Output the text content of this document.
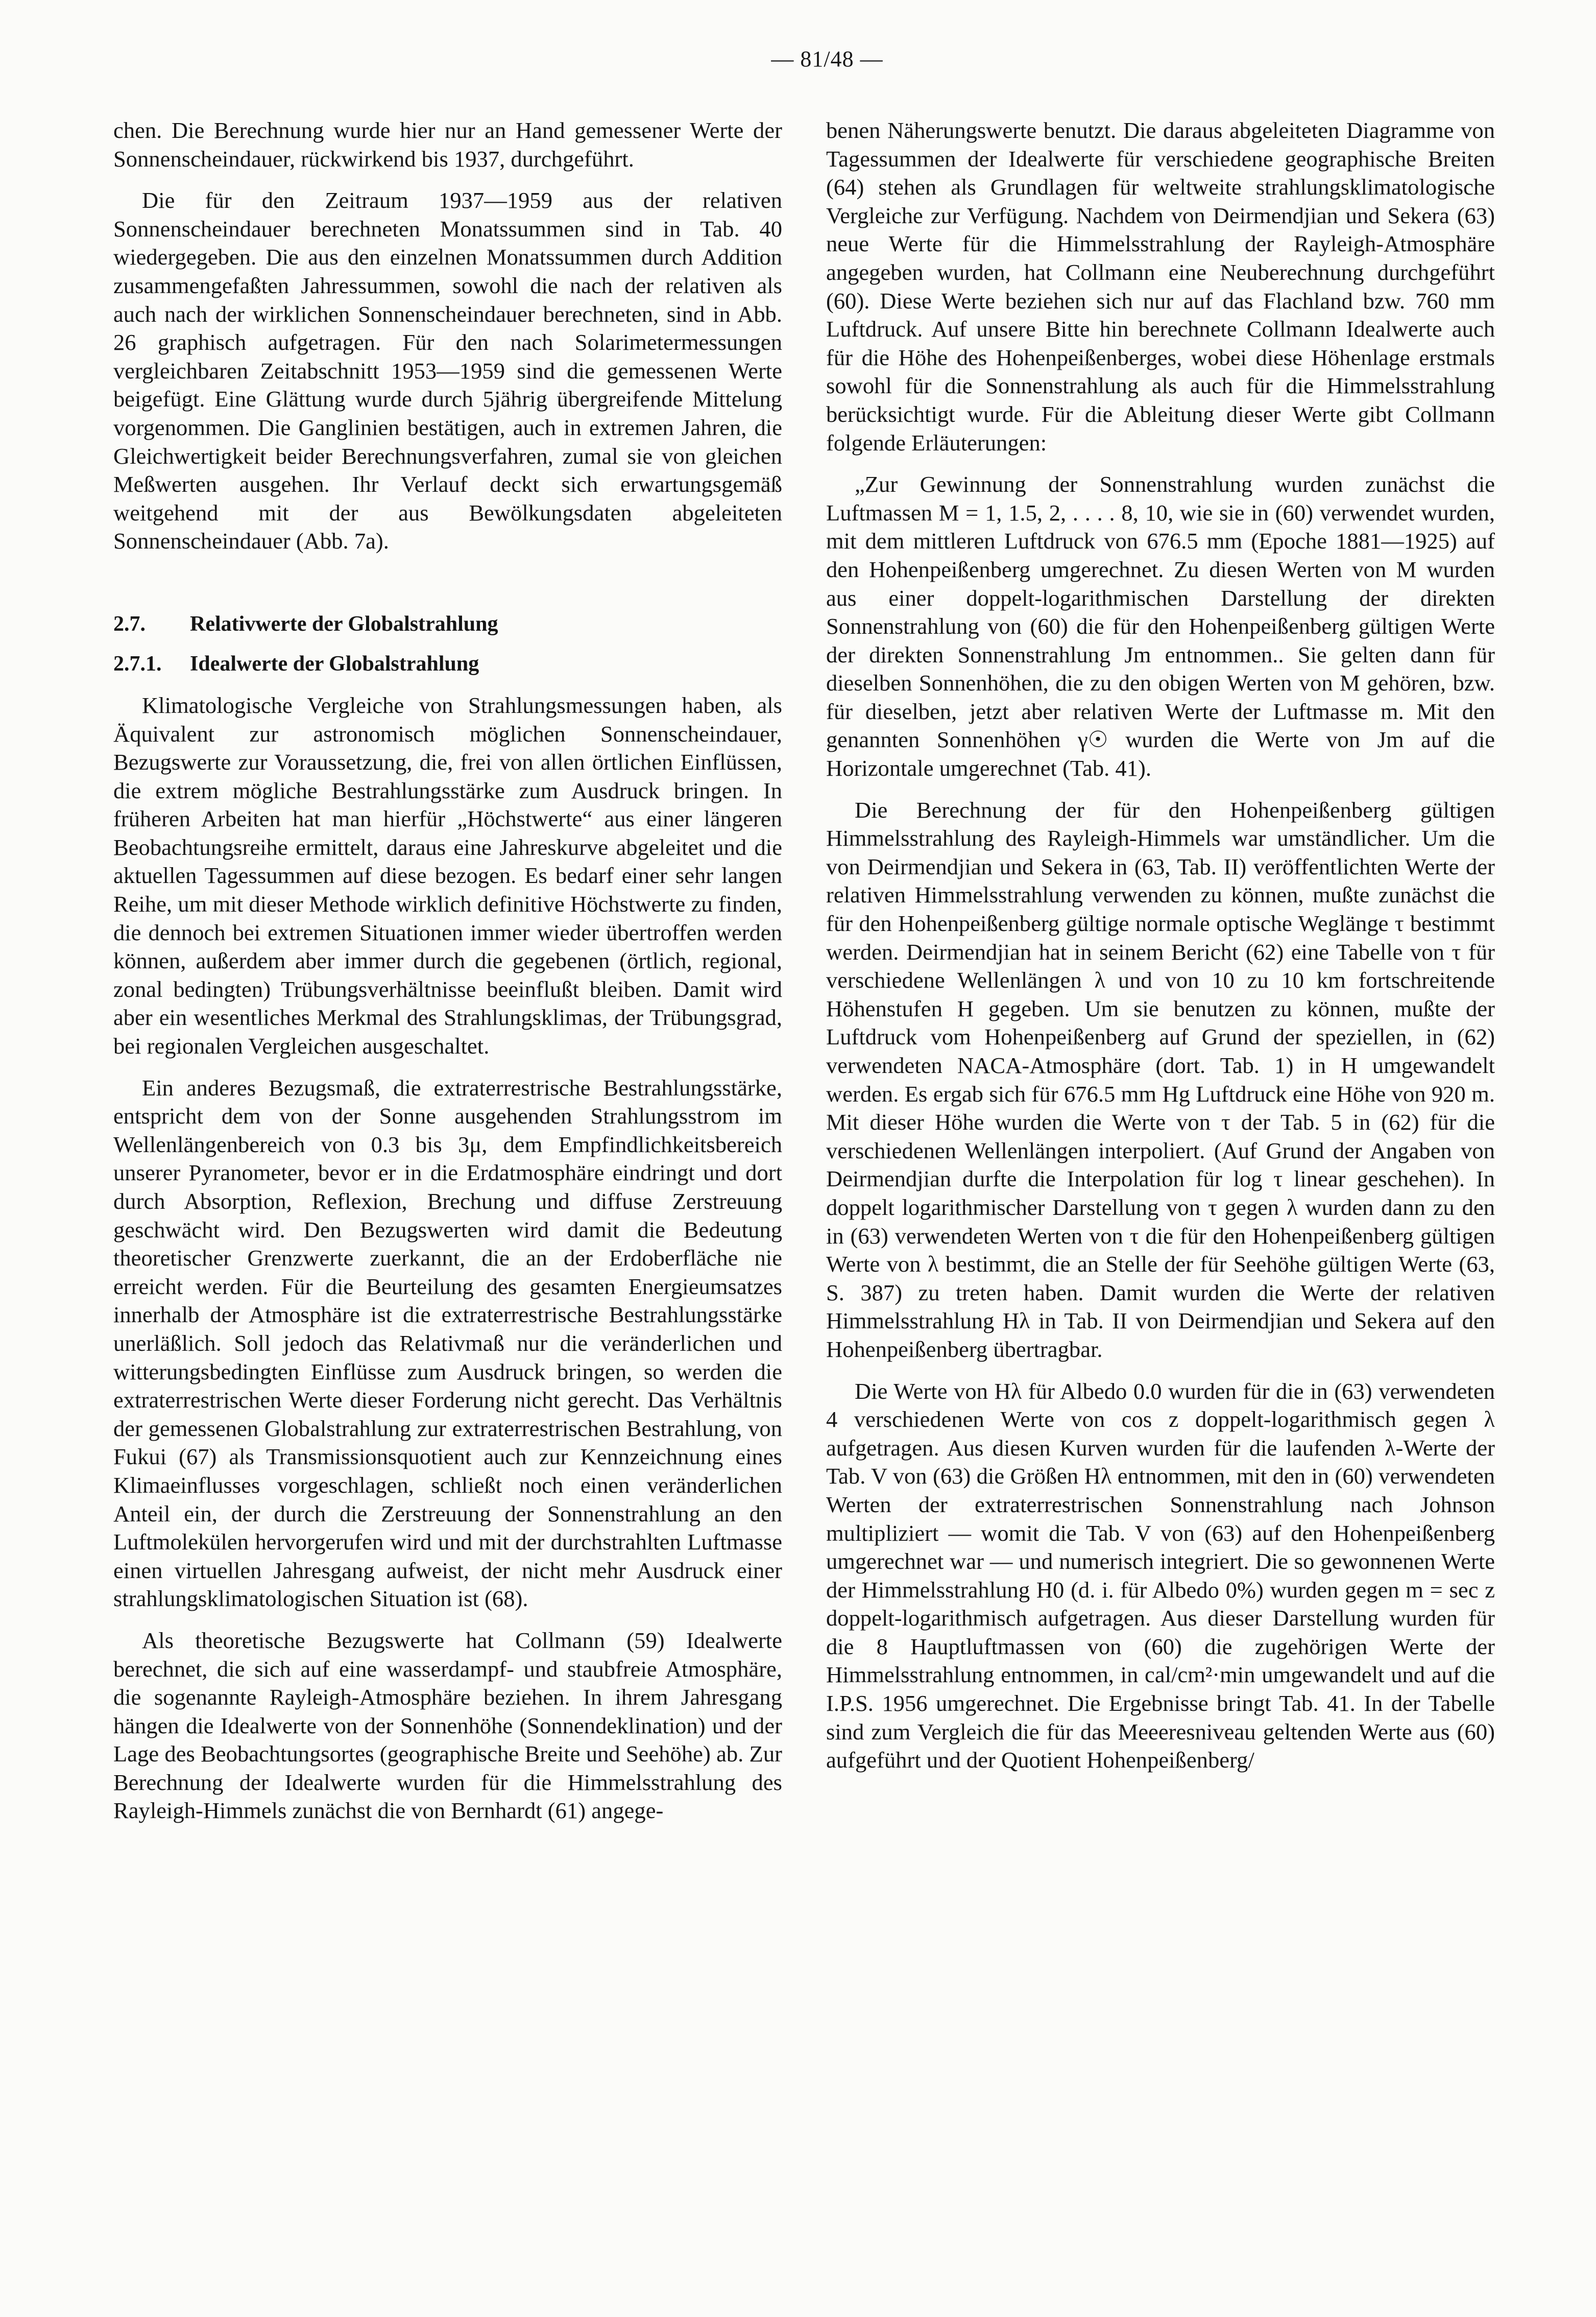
— 81/48 —

chen. Die Berechnung wurde hier nur an Hand gemessener Werte der Sonnenscheindauer, rückwirkend bis 1937, durchgeführt.

Die für den Zeitraum 1937—1959 aus der relativen Sonnenscheindauer berechneten Monatssummen sind in Tab. 40 wiedergegeben. Die aus den einzelnen Monatssummen durch Addition zusammengefaßten Jahressummen, sowohl die nach der relativen als auch nach der wirklichen Sonnenscheindauer berechneten, sind in Abb. 26 graphisch aufgetragen. Für den nach Solarimetermessungen vergleichbaren Zeitabschnitt 1953—1959 sind die gemessenen Werte beigefügt. Eine Glättung wurde durch 5jährig übergreifende Mittelung vorgenommen. Die Ganglinien bestätigen, auch in extremen Jahren, die Gleichwertigkeit beider Berechnungsverfahren, zumal sie von gleichen Meßwerten ausgehen. Ihr Verlauf deckt sich erwartungsgemäß weitgehend mit der aus Bewölkungsdaten abgeleiteten Sonnenscheindauer (Abb. 7a).

2.7. Relativwerte der Globalstrahlung
2.7.1. Idealwerte der Globalstrahlung

Klimatologische Vergleiche von Strahlungsmessungen haben, als Äquivalent zur astronomisch möglichen Sonnenscheindauer, Bezugswerte zur Voraussetzung, die, frei von allen örtlichen Einflüssen, die extrem mögliche Bestrahlungsstärke zum Ausdruck bringen. In früheren Arbeiten hat man hierfür „Höchstwerte“ aus einer längeren Beobachtungsreihe ermittelt, daraus eine Jahreskurve abgeleitet und die aktuellen Tagessummen auf diese bezogen. Es bedarf einer sehr langen Reihe, um mit dieser Methode wirklich definitive Höchstwerte zu finden, die dennoch bei extremen Situationen immer wieder übertroffen werden können, außerdem aber immer durch die gegebenen (örtlich, regional, zonal bedingten) Trübungsverhältnisse beeinflußt bleiben. Damit wird aber ein wesentliches Merkmal des Strahlungsklimas, der Trübungsgrad, bei regionalen Vergleichen ausgeschaltet.

Ein anderes Bezugsmaß, die extraterrestrische Bestrahlungsstärke, entspricht dem von der Sonne ausgehenden Strahlungsstrom im Wellenlängenbereich von 0.3 bis 3μ, dem Empfindlichkeitsbereich unserer Pyranometer, bevor er in die Erdatmosphäre eindringt und dort durch Absorption, Reflexion, Brechung und diffuse Zerstreuung geschwächt wird. Den Bezugswerten wird damit die Bedeutung theoretischer Grenzwerte zuerkannt, die an der Erdoberfläche nie erreicht werden. Für die Beurteilung des gesamten Energieumsatzes innerhalb der Atmosphäre ist die extraterrestrische Bestrahlungsstärke unerläßlich. Soll jedoch das Relativmaß nur die veränderlichen und witterungsbedingten Einflüsse zum Ausdruck bringen, so werden die extraterrestrischen Werte dieser Forderung nicht gerecht. Das Verhältnis der gemessenen Globalstrahlung zur extraterrestrischen Bestrahlung, von Fukui (67) als Transmissionsquotient auch zur Kennzeichnung eines Klimaeinflusses vorgeschlagen, schließt noch einen veränderlichen Anteil ein, der durch die Zerstreuung der Sonnenstrahlung an den Luftmolekülen hervorgerufen wird und mit der durchstrahlten Luftmasse einen virtuellen Jahresgang aufweist, der nicht mehr Ausdruck einer strahlungsklimatologischen Situation ist (68).

Als theoretische Bezugswerte hat Collmann (59) Idealwerte berechnet, die sich auf eine wasserdampf- und staubfreie Atmosphäre, die sogenannte Rayleigh-Atmosphäre beziehen. In ihrem Jahresgang hängen die Idealwerte von der Sonnenhöhe (Sonnendeklination) und der Lage des Beobachtungsortes (geographische Breite und Seehöhe) ab. Zur Berechnung der Idealwerte wurden für die Himmelsstrahlung des Rayleigh-Himmels zunächst die von Bernhardt (61) angege-

benen Näherungswerte benutzt. Die daraus abgeleiteten Diagramme von Tagessummen der Idealwerte für verschiedene geographische Breiten (64) stehen als Grundlagen für weltweite strahlungsklimatologische Vergleiche zur Verfügung. Nachdem von Deirmendjian und Sekera (63) neue Werte für die Himmelsstrahlung der Rayleigh-Atmosphäre angegeben wurden, hat Collmann eine Neuberechnung durchgeführt (60). Diese Werte beziehen sich nur auf das Flachland bzw. 760 mm Luftdruck. Auf unsere Bitte hin berechnete Collmann Idealwerte auch für die Höhe des Hohenpeißenberges, wobei diese Höhenlage erstmals sowohl für die Sonnenstrahlung als auch für die Himmelsstrahlung berücksichtigt wurde. Für die Ableitung dieser Werte gibt Collmann folgende Erläuterungen:

„Zur Gewinnung der Sonnenstrahlung wurden zunächst die Luftmassen M = 1, 1.5, 2, . . . . 8, 10, wie sie in (60) verwendet wurden, mit dem mittleren Luftdruck von 676.5 mm (Epoche 1881—1925) auf den Hohenpeißenberg umgerechnet. Zu diesen Werten von M wurden aus einer doppelt-logarithmischen Darstellung der direkten Sonnenstrahlung von (60) die für den Hohenpeißenberg gültigen Werte der direkten Sonnenstrahlung Jm entnommen.. Sie gelten dann für dieselben Sonnenhöhen, die zu den obigen Werten von M gehören, bzw. für dieselben, jetzt aber relativen Werte der Luftmasse m. Mit den genannten Sonnenhöhen γ☉ wurden die Werte von Jm auf die Horizontale umgerechnet (Tab. 41).

Die Berechnung der für den Hohenpeißenberg gültigen Himmelsstrahlung des Rayleigh-Himmels war umständlicher. Um die von Deirmendjian und Sekera in (63, Tab. II) veröffentlichten Werte der relativen Himmelsstrahlung verwenden zu können, mußte zunächst die für den Hohenpeißenberg gültige normale optische Weglänge τ bestimmt werden. Deirmendjian hat in seinem Bericht (62) eine Tabelle von τ für verschiedene Wellenlängen λ und von 10 zu 10 km fortschreitende Höhenstufen H gegeben. Um sie benutzen zu können, mußte der Luftdruck vom Hohenpeißenberg auf Grund der speziellen, in (62) verwendeten NACA-Atmosphäre (dort. Tab. 1) in H umgewandelt werden. Es ergab sich für 676.5 mm Hg Luftdruck eine Höhe von 920 m. Mit dieser Höhe wurden die Werte von τ der Tab. 5 in (62) für die verschiedenen Wellenlängen interpoliert. (Auf Grund der Angaben von Deirmendjian durfte die Interpolation für log τ linear geschehen). In doppelt logarithmischer Darstellung von τ gegen λ wurden dann zu den in (63) verwendeten Werten von τ die für den Hohenpeißenberg gültigen Werte von λ bestimmt, die an Stelle der für Seehöhe gültigen Werte (63, S. 387) zu treten haben. Damit wurden die Werte der relativen Himmelsstrahlung Hλ in Tab. II von Deirmendjian und Sekera auf den Hohenpeißenberg übertragbar.

Die Werte von Hλ für Albedo 0.0 wurden für die in (63) verwendeten 4 verschiedenen Werte von cos z doppelt-logarithmisch gegen λ aufgetragen. Aus diesen Kurven wurden für die laufenden λ-Werte der Tab. V von (63) die Größen Hλ entnommen, mit den in (60) verwendeten Werten der extraterrestrischen Sonnenstrahlung nach Johnson multipliziert — womit die Tab. V von (63) auf den Hohenpeißenberg umgerechnet war — und numerisch integriert. Die so gewonnenen Werte der Himmelsstrahlung H0 (d. i. für Albedo 0%) wurden gegen m = sec z doppelt-logarithmisch aufgetragen. Aus dieser Darstellung wurden für die 8 Hauptluftmassen von (60) die zugehörigen Werte der Himmelsstrahlung entnommen, in cal/cm²·min umgewandelt und auf die I.P.S. 1956 umgerechnet. Die Ergebnisse bringt Tab. 41. In der Tabelle sind zum Vergleich die für das Meeeresniveau geltenden Werte aus (60) aufgeführt und der Quotient Hohenpeißenberg/
